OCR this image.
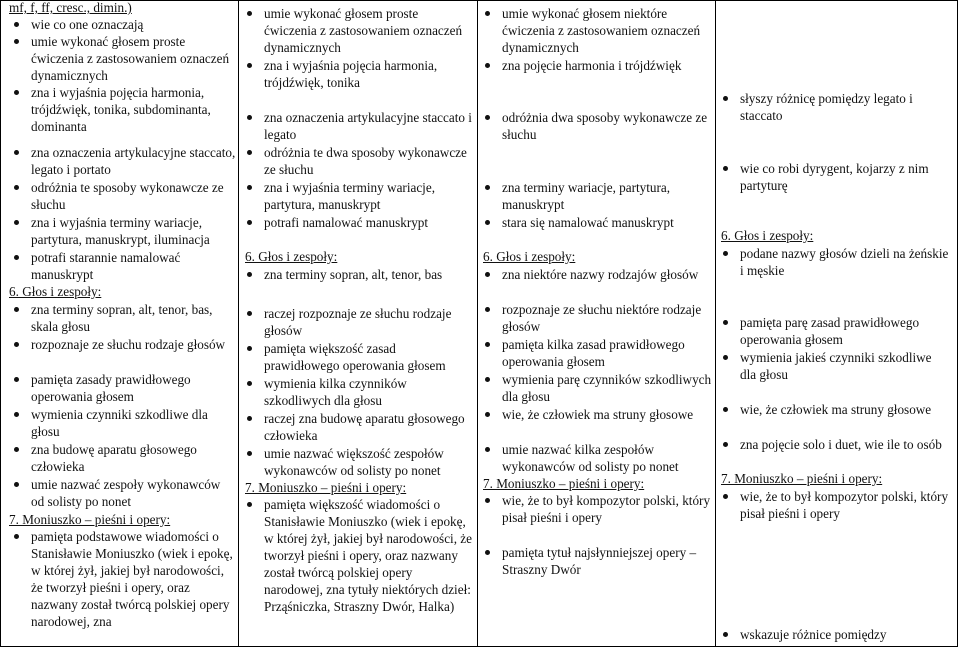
mf, f, ff, cresc., dimin.)
wie co one oznaczają
umie wykonać głosem proste ćwiczenia z zastosowaniem oznaczeń dynamicznych
zna i wyjaśnia pojęcia harmonia, trójdźwięk, tonika, subdominanta, dominanta
zna oznaczenia artykulacyjne staccato, legato i portato
odróżnia te sposoby wykonawcze ze słuchu
zna i wyjaśnia terminy wariacje, partytura, manuskrypt, iluminacja
potrafi starannie namalować manuskrypt
6. Głos i zespoły:
zna terminy sopran, alt, tenor, bas, skala głosu
rozpoznaje ze słuchu rodzaje głosów
pamięta zasady prawidłowego operowania głosem
wymienia czynniki szkodliwe dla głosu
zna budowę aparatu głosowego człowieka
umie nazwać zespoły wykonawców od solisty po nonet
7. Moniuszko – pieśni i opery:
pamięta podstawowe wiadomości o Stanisławie Moniuszko (wiek i epokę, w której żył, jakiej był narodowości, że tworzył pieśni i opery, oraz nazwany został twórcą polskiej opery narodowej, zna

umie wykonać głosem proste ćwiczenia z zastosowaniem oznaczeń dynamicznych
zna i wyjaśnia pojęcia harmonia, trójdźwięk, tonika
zna oznaczenia artykulacyjne staccato i legato
odróżnia te dwa sposoby wykonawcze ze słuchu
zna i wyjaśnia terminy wariacje, partytura, manuskrypt
potrafi namalować manuskrypt
6. Głos i zespoły:
zna terminy sopran, alt, tenor, bas
raczej rozpoznaje ze słuchu rodzaje głosów
pamięta większość zasad prawidłowego operowania głosem
wymienia kilka czynników szkodliwych dla głosu
raczej zna budowę aparatu głosowego człowieka
umie nazwać większość zespołów wykonawców od solisty po nonet
7. Moniuszko – pieśni i opery:
pamięta większość wiadomości o Stanisławie Moniuszko (wiek i epokę, w której żył, jakiej był narodowości, że tworzył pieśni i opery, oraz nazwany został twórcą polskiej opery narodowej, zna tytuły niektórych dzieł: Prząśniczka, Straszny Dwór, Halka)

umie wykonać głosem niektóre ćwiczenia z zastosowaniem oznaczeń dynamicznych
zna pojęcie harmonia i trójdźwięk
odróżnia dwa sposoby wykonawcze ze słuchu
zna terminy wariacje, partytura, manuskrypt
stara się namalować manuskrypt
6. Głos i zespoły:
zna niektóre nazwy rodzajów głosów
rozpoznaje ze słuchu niektóre rodzaje głosów
pamięta kilka zasad prawidłowego operowania głosem
wymienia parę czynników szkodliwych dla głosu
wie, że człowiek ma struny głosowe
umie nazwać kilka zespołów wykonawców od solisty po nonet
7. Moniuszko – pieśni i opery:
wie, że to był kompozytor polski, który pisał pieśni i opery
pamięta tytuł najsłynniejszej opery – Straszny Dwór

słyszy różnicę pomiędzy legato i staccato
wie co robi dyrygent, kojarzy z nim partyturę
6. Głos i zespoły:
podane nazwy głosów dzieli na żeńskie i męskie
pamięta parę zasad prawidłowego operowania głosem
wymienia jakieś czynniki szkodliwe dla głosu
wie, że człowiek ma struny głosowe
zna pojęcie solo i duet, wie ile to osób
7. Moniuszko – pieśni i opery:
wie, że to był kompozytor polski, który pisał pieśni i opery
wskazuje różnice pomiędzy
